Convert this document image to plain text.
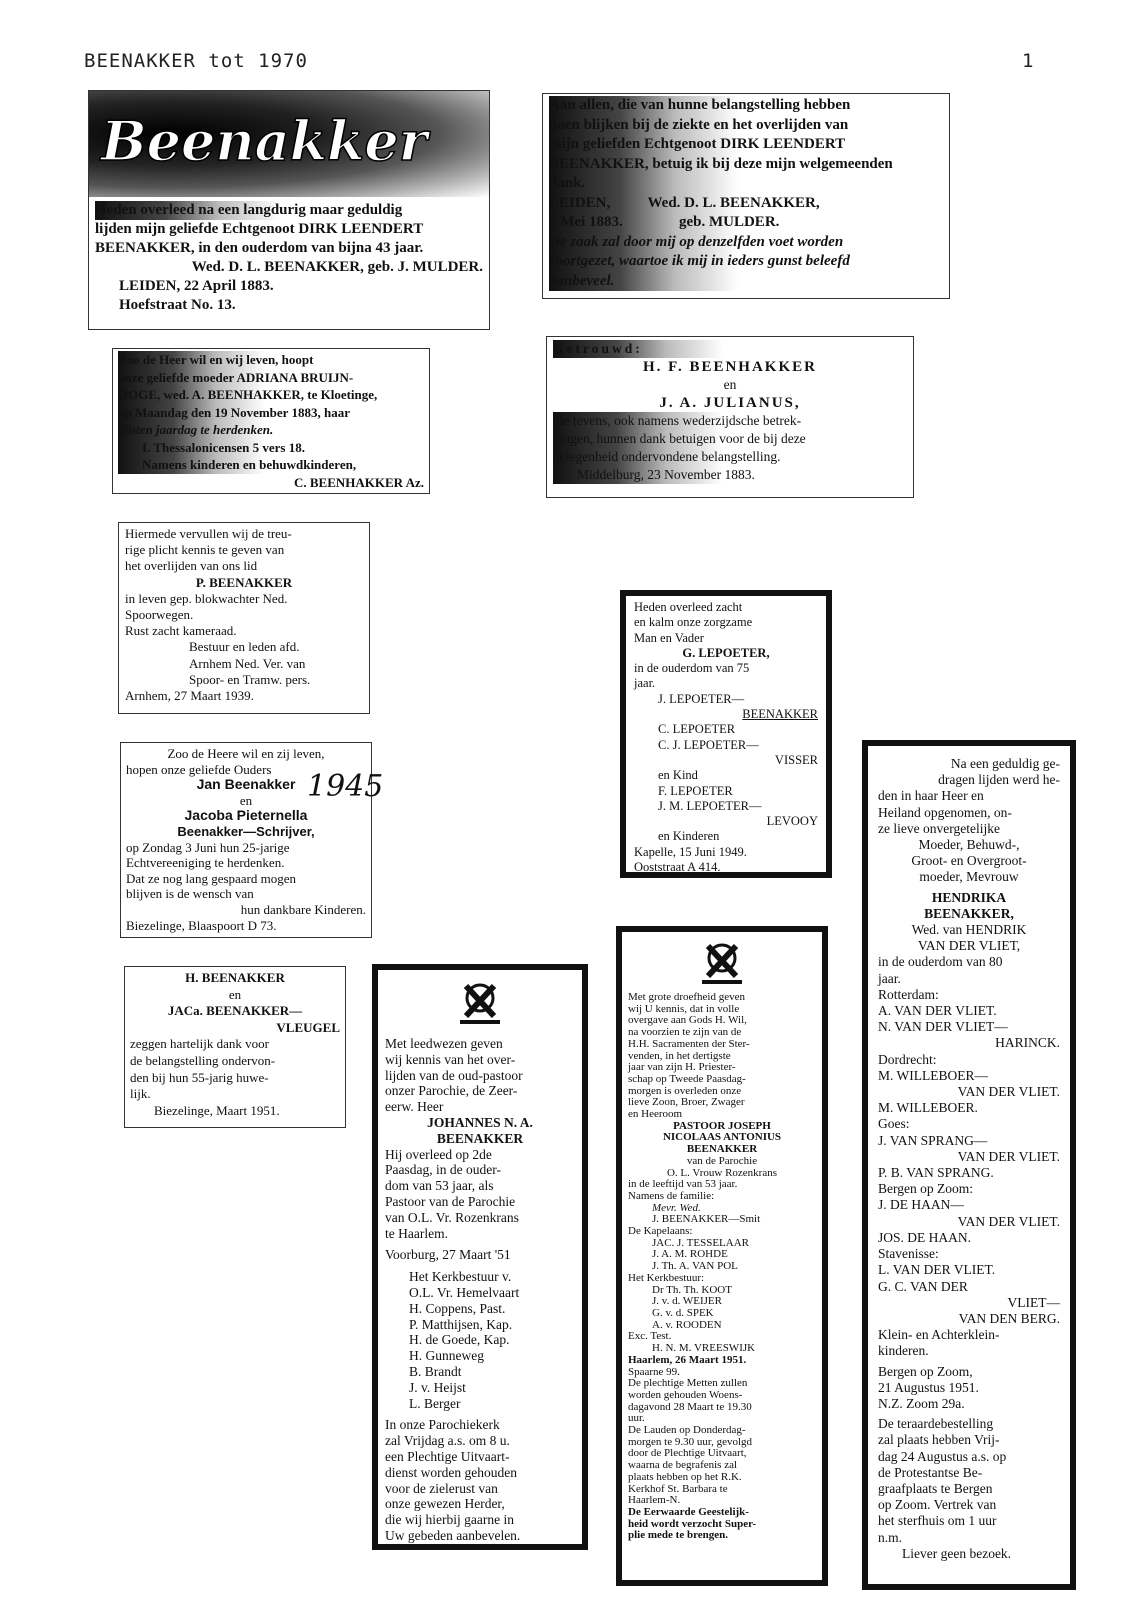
BEENAKKER tot 1970	1
Beenakker

Heden overleed na een langdurig maar geduldig

lijden mijn geliefde Echtgenoot DIRK LEENDERT

BEENAKKER, in den ouderdom van bijna 43 jaar.

Wed. D. L. BEENAKKER, geb. J. MULDER.

LEIDEN, 22 April 1883.

Hoefstraat No. 13.

Aan allen, die van hunne belangstelling hebben

doen blijken bij de ziekte en het overlijden van

mijn geliefden Echtgenoot DIRK LEENDERT

BEENAKKER, betuig ik bij deze mijn welgemeenden

dank.

LEIDEN,          Wed. D. L. BEENAKKER,

5 Mei 1883.               geb. MULDER.

De zaak zal door mij op denzelfden voet worden

voortgezet, waartoe ik mij in ieders gunst beleefd

aanbeveel.

Zoo de Heer wil en wij leven, hoopt

onze geliefde moeder ADRIANA BRUIJN-

OOGE, wed. A. BEENHAKKER, te Kloetinge,

op Maandag den 19 November 1883, haar

70sten jaardag te herdenken.

I. Thessalonicensen 5 vers 18.

Namens kinderen en behuwdkinderen,

C. BEENHAKKER Az.

Getrouwd:

H. F. BEENHAKKER

en

J. A. JULIANUS,

die tevens, ook namens wederzijdsche betrek-

kingen, hunnen dank betuigen voor de bij deze

gelegenheid ondervondene belangstelling.

Middelburg, 23 November 1883.

Hiermede vervullen wij de treu-

rige plicht kennis te geven van

het overlijden van ons lid

P. BEENAKKER

in leven gep. blokwachter Ned.

Spoorwegen.

Rust zacht kameraad.

Bestuur en leden afd.

Arnhem Ned. Ver. van

Spoor- en Tramw. pers.

Arnhem, 27 Maart 1939.

Heden overleed zacht

en kalm onze zorgzame

Man en Vader

G. LEPOETER,

in de ouderdom van 75

jaar.

J. LEPOETER—

BEENAKKER

C. LEPOETER

C. J. LEPOETER—

VISSER

en Kind

F. LEPOETER

J. M. LEPOETER—

LEVOOY

en Kinderen

Kapelle, 15 Juni 1949.

Ooststraat A 414.

Zoo de Heere wil en zij leven,

hopen onze geliefde Ouders

Jan Beenakker

en

Jacoba Pieternella

Beenakker—Schrijver,

op Zondag 3 Juni hun 25-jarige

Echtvereeniging te herdenken.

Dat ze nog lang gespaard mogen

blijven is de wensch van

hun dankbare Kinderen.

Biezelinge, Blaaspoort D 73.

1945

H. BEENAKKER

en

JACa. BEENAKKER—

VLEUGEL

zeggen hartelijk dank voor

de belangstelling ondervon-

den bij hun 55-jarig huwe-

lijk.

Biezelinge, Maart 1951.

Met leedwezen geven

wij kennis van het over-

lijden van de oud-pastoor

onzer Parochie, de Zeer-

eerw. Heer

JOHANNES N. A.

BEENAKKER

Hij overleed op 2de

Paasdag, in de ouder-

dom van 53 jaar, als

Pastoor van de Parochie

van O.L. Vr. Rozenkrans

te Haarlem.

Voorburg, 27 Maart '51

Het Kerkbestuur v.

O.L. Vr. Hemelvaart

H. Coppens, Past.

P. Matthijsen, Kap.

H. de Goede, Kap.

H. Gunneweg

B. Brandt

J. v. Heijst

L. Berger

In onze Parochiekerk

zal Vrijdag a.s. om 8 u.

een Plechtige Uitvaart-

dienst worden gehouden

voor de zielerust van

onze gewezen Herder,

die wij hierbij gaarne in

Uw gebeden aanbevelen.

Met grote droefheid geven

wij U kennis, dat in volle

overgave aan Gods H. Wil,

na voorzien te zijn van de

H.H. Sacramenten der Ster-

venden, in het dertigste

jaar van zijn H. Priester-

schap op Tweede Paasdag-

morgen is overleden onze

lieve Zoon, Broer, Zwager

en Heeroom

PASTOOR JOSEPH

NICOLAAS ANTONIUS

BEENAKKER

van de Parochie

O. L. Vrouw Rozenkrans

in de leeftijd van 53 jaar.

Namens de familie:

Mevr. Wed.

J. BEENAKKER—Smit

De Kapelaans:

JAC. J. TESSELAAR

J. A. M. ROHDE

J. Th. A. VAN POL

Het Kerkbestuur:

Dr Th. Th. KOOT

J. v. d. WEIJER

G. v. d. SPEK

A. v. ROODEN

Exc. Test.

H. N. M. VREESWIJK

Haarlem, 26 Maart 1951.

Spaarne 99.

De plechtige Metten zullen

worden gehouden Woens-

dagavond 28 Maart te 19.30

uur.

De Lauden op Donderdag-

morgen te 9.30 uur, gevolgd

door de Plechtige Uitvaart,

waarna de begrafenis zal

plaats hebben op het R.K.

Kerkhof St. Barbara te

Haarlem-N.

De Eerwaarde Geestelijk-

heid wordt verzocht Super-

plie mede te brengen.

Na een geduldig ge-

dragen lijden werd he-

den in haar Heer en

Heiland opgenomen, on-

ze lieve onvergetelijke

Moeder, Behuwd-,

Groot- en Overgroot-

moeder, Mevrouw

HENDRIKA

BEENAKKER,

Wed. van HENDRIK

VAN DER VLIET,

in de ouderdom van 80

jaar.

Rotterdam:

A. VAN DER VLIET.

N. VAN DER VLIET—

HARINCK.

Dordrecht:

M. WILLEBOER—

VAN DER VLIET.

M. WILLEBOER.

Goes:

J. VAN SPRANG—

VAN DER VLIET.

P. B. VAN SPRANG.

Bergen op Zoom:

J. DE HAAN—

VAN DER VLIET.

JOS. DE HAAN.

Stavenisse:

L. VAN DER VLIET.

G. C. VAN DER

VLIET—

VAN DEN BERG.

Klein- en Achterklein-

kinderen.

Bergen op Zoom,

21 Augustus 1951.

N.Z. Zoom 29a.

De teraardebestelling

zal plaats hebben Vrij-

dag 24 Augustus a.s. op

de Protestantse Be-

graafplaats te Bergen

op Zoom. Vertrek van

het sterfhuis om 1 uur

n.m.

Liever geen bezoek.
